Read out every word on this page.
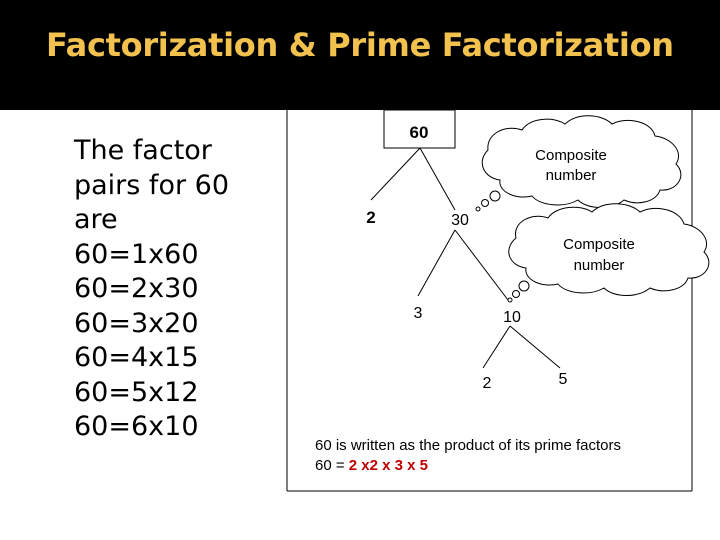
Factorization & Prime Factorization
The factor
pairs for 60
are
60=1x60
60=2x30
60=3x20
60=4x15
60=5x12
60=6x10
60
2	30
3	10
2	5
Composite
number
Composite
number
60 is written as the product of its prime factors
60 = 2 x2 x 3 x 5
